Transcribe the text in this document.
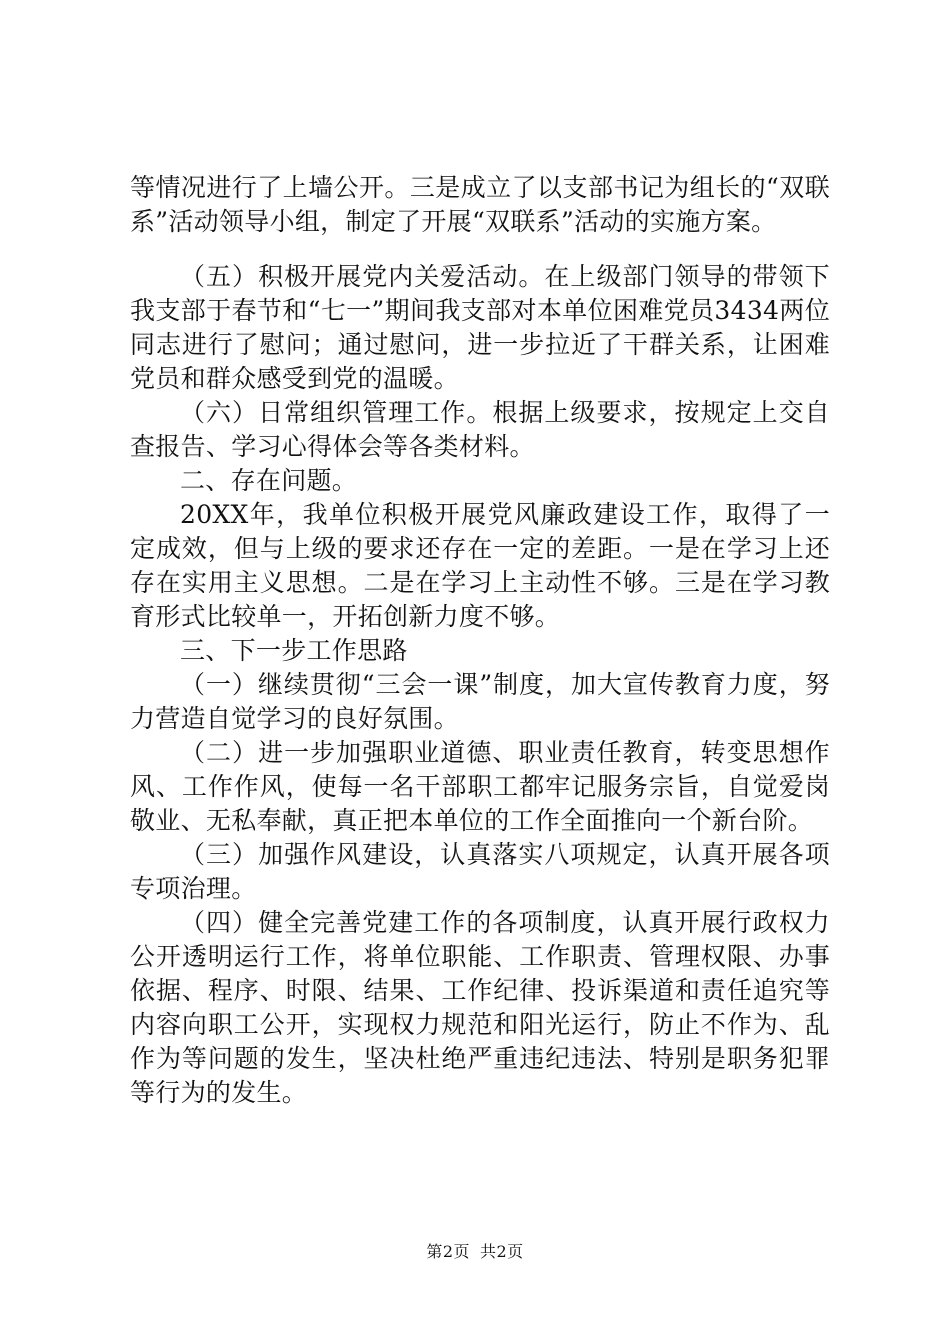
等情况进行了上墙公开。三是成立了以支部书记为组长的“双联系”活动领导小组，制定了开展“双联系”活动的实施方案。

（五）积极开展党内关爱活动。在上级部门领导的带领下我支部于春节和“七一”期间我支部对本单位困难党员3434两位同志进行了慰问；通过慰问，进一步拉近了干群关系，让困难党员和群众感受到党的温暖。

（六）日常组织管理工作。根据上级要求，按规定上交自查报告、学习心得体会等各类材料。

二、存在问题。

20XX年，我单位积极开展党风廉政建设工作，取得了一定成效，但与上级的要求还存在一定的差距。一是在学习上还存在实用主义思想。二是在学习上主动性不够。三是在学习教育形式比较单一，开拓创新力度不够。

三、下一步工作思路

（一）继续贯彻“三会一课”制度，加大宣传教育力度，努力营造自觉学习的良好氛围。

（二）进一步加强职业道德、职业责任教育，转变思想作风、工作作风，使每一名干部职工都牢记服务宗旨，自觉爱岗敬业、无私奉献，真正把本单位的工作全面推向一个新台阶。

（三）加强作风建设，认真落实八项规定，认真开展各项专项治理。

（四）健全完善党建工作的各项制度，认真开展行政权力公开透明运行工作，将单位职能、工作职责、管理权限、办事依据、程序、时限、结果、工作纪律、投诉渠道和责任追究等内容向职工公开，实现权力规范和阳光运行，防止不作为、乱作为等问题的发生，坚决杜绝严重违纪违法、特别是职务犯罪等行为的发生。

第2页 共2页
